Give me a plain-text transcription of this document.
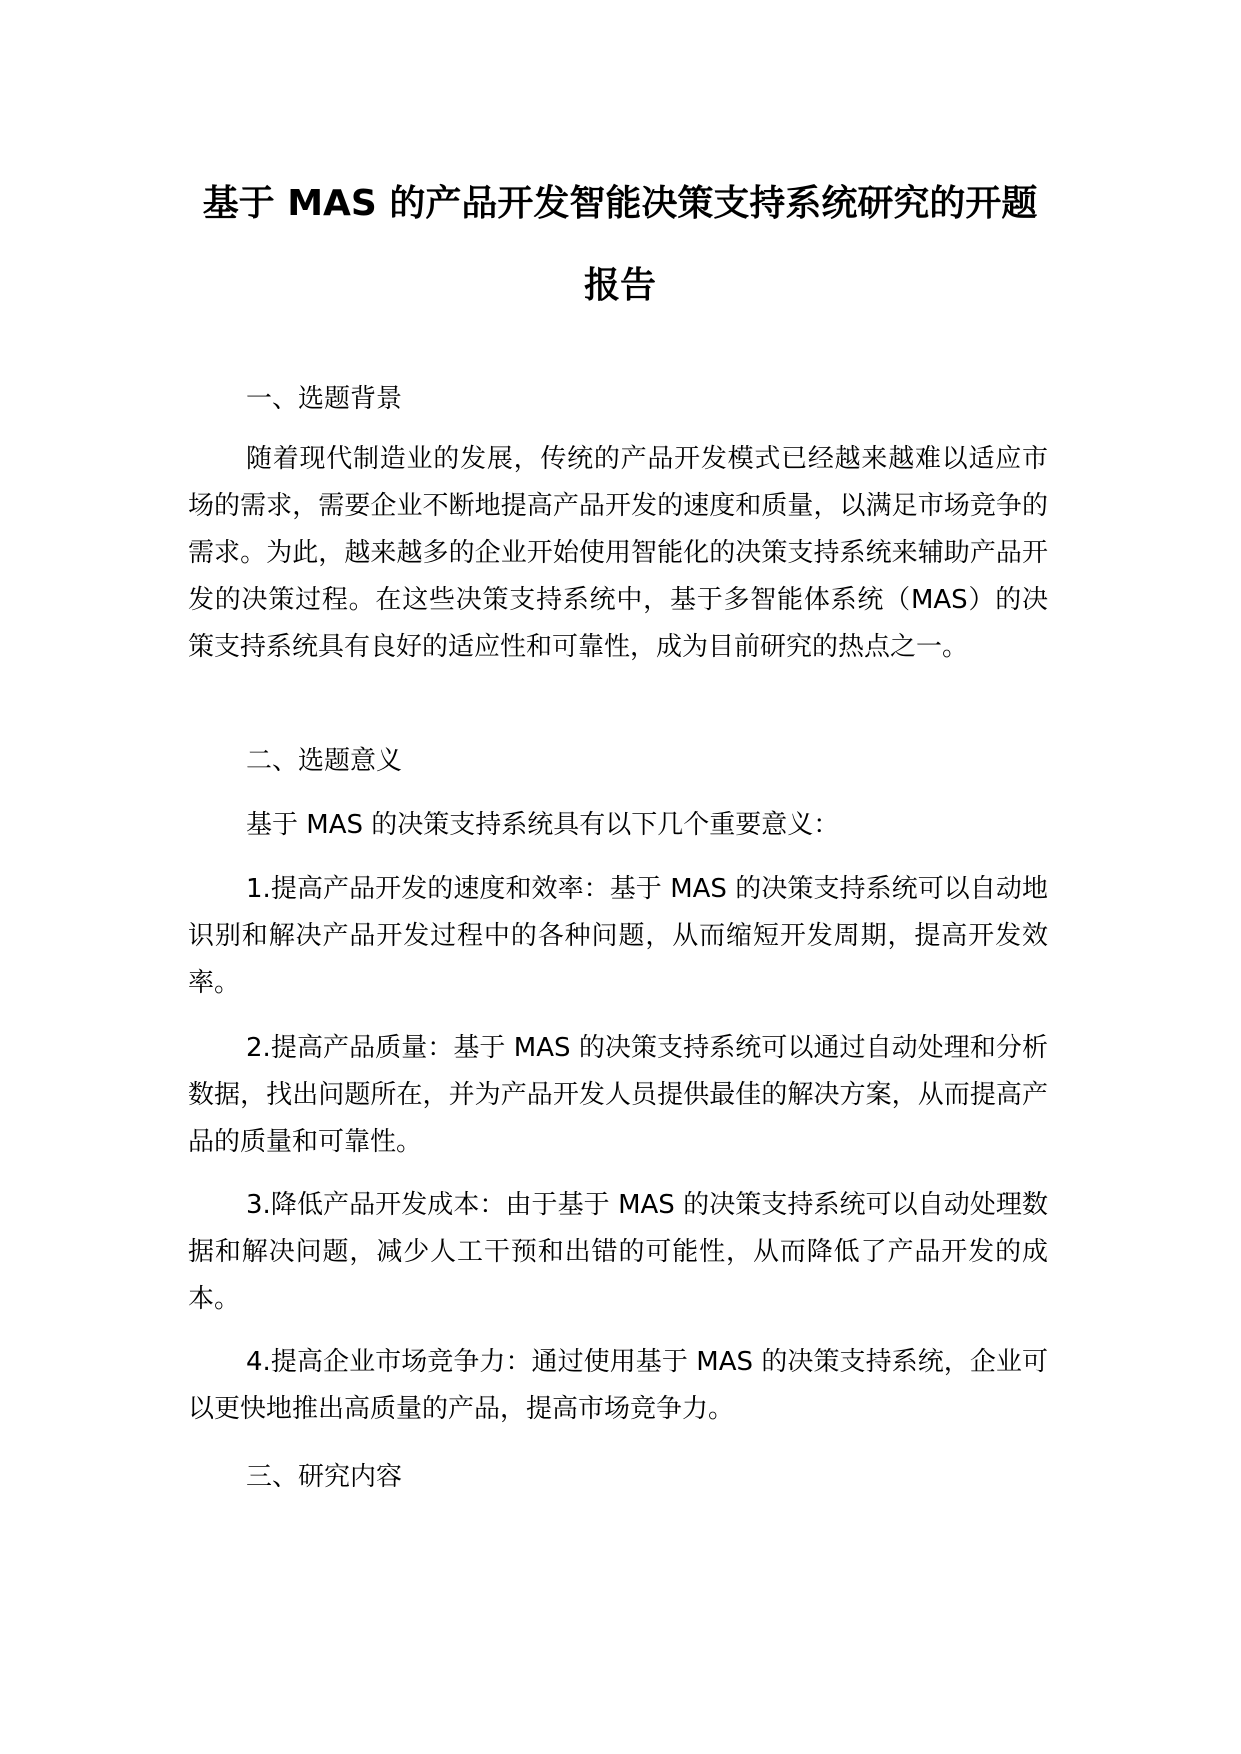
基于 MAS 的产品开发智能决策支持系统研究的开题
报告

一、选题背景

随着现代制造业的发展，传统的产品开发模式已经越来越难以适应市场的需求，需要企业不断地提高产品开发的速度和质量，以满足市场竞争的需求。为此，越来越多的企业开始使用智能化的决策支持系统来辅助产品开发的决策过程。在这些决策支持系统中，基于多智能体系统（MAS）的决策支持系统具有良好的适应性和可靠性，成为目前研究的热点之一。

二、选题意义

基于 MAS 的决策支持系统具有以下几个重要意义：

1.提高产品开发的速度和效率：基于 MAS 的决策支持系统可以自动地识别和解决产品开发过程中的各种问题，从而缩短开发周期，提高开发效率。

2.提高产品质量：基于 MAS 的决策支持系统可以通过自动处理和分析数据，找出问题所在，并为产品开发人员提供最佳的解决方案，从而提高产品的质量和可靠性。

3.降低产品开发成本：由于基于 MAS 的决策支持系统可以自动处理数据和解决问题，减少人工干预和出错的可能性，从而降低了产品开发的成本。

4.提高企业市场竞争力：通过使用基于 MAS 的决策支持系统，企业可以更快地推出高质量的产品，提高市场竞争力。

三、研究内容
